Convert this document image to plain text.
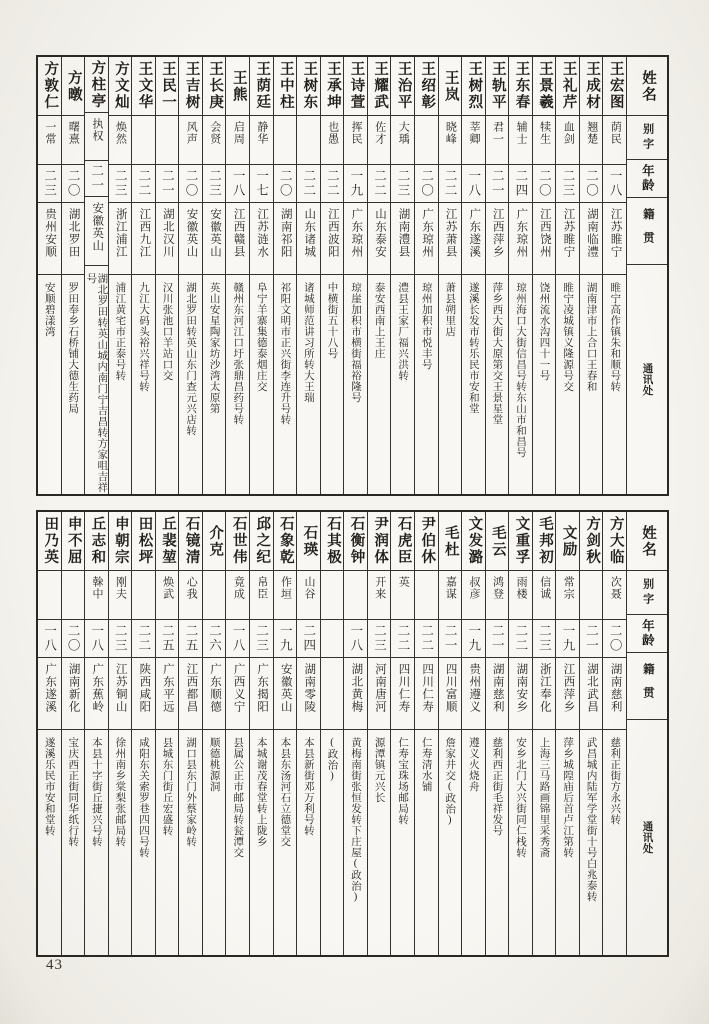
姓名
别字
年龄
籍贯
通讯处
王宏图
荫民
一八
江苏睢宁
睢宁高作镇朱和顺号转
王成材
翘楚
二〇
湖南临澧
湖南津市上合口王春和
王礼芹
血剑
二三
江苏睢宁
睢宁凌城镇义隆源号交
王景羲
犊生
二〇
江西饶州
饶州流水沟四十一号
王东春
辅士
二四
广东琼州
琼州海口大街信昌号转东山市和昌号
王轨平
君一
二一
江西萍乡
萍乡西大街大原第交王景星堂
王树烈
莘卿
一八
广东遂溪
遂溪长发市转乐民市安和堂
王岚
晓峰
二二
江苏萧县
萧县朔里店
王绍彰
二〇
广东琼州
琼州加积市悦丰号
王治平
大瑀
二三
湖南澧县
澧县王家厂福兴洪转
王耀武
佐才
二二
山东泰安
泰安西南上王庄
王诗萱
挥民
一九
广东琼州
琼崖加积市横街福裕隆号
王承坤
也愚
二二
江西波阳
中横街五十八号
王树东
二二
山东诸城
诸城师范讲习所转大王瑞
王中柱
二〇
湖南祁阳
祁阳文明市正兴街李连升号转
王荫廷
静华
一七
江苏涟水
阜宁羊寨集德泰烟庄交
王熊
启周
一八
江西赣县
赣州东河江口圩张鼎昌药号转
王长庚
会贤
二三
安徽英山
英山安星陶家坊沙湾太原第
王吉树
风声
二〇
安徽英山
湖北罗田转英山东门查元兴店转
王民一
二一
湖北汉川
汉川张池口羊站口交
王文华
二二
江西九江
九江大码头裕兴祥号转
方文灿
焕然
二三
浙江浦江
浦江黄宅市正泰号转
方柱亭
执权
二一
安徽英山
湖北罗田转英山城内南门宁吉昌转方家咀吉祥号
方暾
曙熹
二〇
湖北罗田
罗田奉乡石桥铺大德生药局
方敦仁
一常
二三
贵州安顺
安顺碧漾湾
姓名
别字
年龄
籍贯
通讯处
方大临
次聂
二〇
湖南慈利
慈利正街方永兴转
方剑秋
二一
湖北武昌
武昌城内陆军学堂街十号白兆泰转
文励
常宗
一九
江西萍乡
萍乡城隍庙后首卢江第转
毛邦初
信诚
二三
浙江奉化
上海三马路画锦里采秀斋
文重孚
雨楼
二二
湖南安乡
安乡北门大兴街同仁栈转
毛云
鸿登
二一
湖南慈利
慈利西正街毛祥发号
文发潞
叔彦
一九
贵州遵义
遵义火烧舟
毛杜
嘉谋
二一
四川富顺
詹家井交(政治)
尹伯休
二二
四川仁寿
仁寿清水铺
石虎臣
英
二二
四川仁寿
仁寿宝珠场邮局转
尹润体
开来
二三
河南唐河
源潭镇元兴长
石衡钟
一八
湖北黄梅
黄梅南街张恒发转下庄屋(政治)
石其极
(政治)
石瑛
山谷
二四
湖南零陵
本县新街邓万利号转
石象乾
作垣
一九
安徽英山
本县东汤河石立德堂交
邱之纪
帛臣
二三
广东揭阳
本城谢茂春堂转上陇乡
石世伟
竟成
一八
广西义宁
县属公正市邮局转瓮潭交
介克
二六
广东顺德
顺德桃源洞
石镜清
心我
二五
江西都昌
湖口县东门外蔡家岭转
丘裴堃
焕武
二五
广东平远
县城东门街丘宏盛转
田松坪
二二
陕西咸阳
咸阳东关索罗巷四四号转
申朝宗
刚夫
二三
江苏铜山
徐州南乡棠梨张邮局转
丘志和
榦中
一八
广东蕉岭
本县十字街丘捷兴号转
申不屈
二〇
湖南新化
宝庆西正街同华纸行转
田乃英
一八
广东遂溪
遂溪乐民市安和堂转
43
